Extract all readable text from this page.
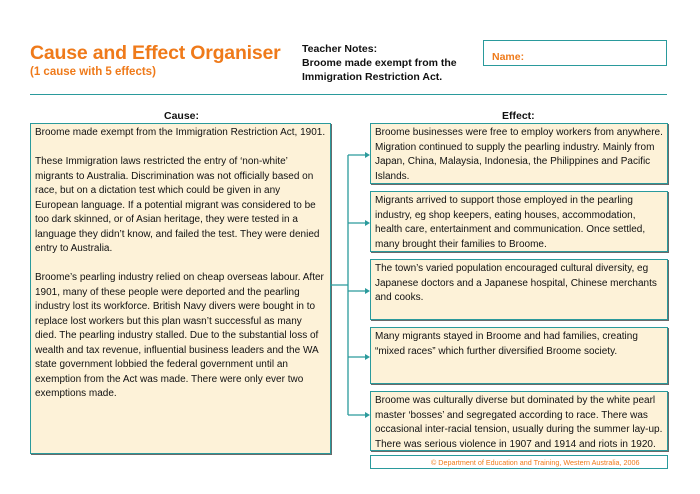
Cause and Effect Organiser
(1 cause with 5 effects)
Teacher Notes:
Broome made exempt from the Immigration Restriction Act.
Name:
Cause:	Effect:

Broome made exempt from the Immigration Restriction Act, 1901.

These Immigration laws restricted the entry of ‘non-white’ migrants to Australia. Discrimination was not officially based on race, but on a dictation test which could be given in any European language. If a potential migrant was considered to be too dark skinned, or of Asian heritage, they were tested in a language they didn’t know, and failed the test. They were denied entry to Australia.

Broome’s pearling industry relied on cheap overseas labour. After 1901, many of these people were deported and the pearling industry lost its workforce. British Navy divers were bought in to replace lost workers but this plan wasn’t successful as many died. The pearling industry stalled. Due to the substantial loss of wealth and tax revenue, influential business leaders and the WA state government lobbied the federal government until an exemption from the Act was made. There were only ever two exemptions made.

Broome businesses were free to employ workers from anywhere. Migration continued to supply the pearling industry. Mainly from Japan, China, Malaysia, Indonesia, the Philippines and Pacific Islands.
Migrants arrived to support those employed in the pearling industry, eg shop keepers, eating houses, accommodation, health care, entertainment and communication. Once settled, many brought their families to Broome.
The town’s varied population encouraged cultural diversity, eg Japanese doctors and a Japanese hospital, Chinese merchants and cooks.
Many migrants stayed in Broome and had families, creating “mixed races” which further diversified Broome society.
Broome was culturally diverse but dominated by the white pearl master ‘bosses’ and segregated according to race. There was occasional inter-racial tension, usually during the summer lay-up. There was serious violence in 1907 and 1914 and riots in 1920.
© Department of Education and Training, Western Australia, 2006
